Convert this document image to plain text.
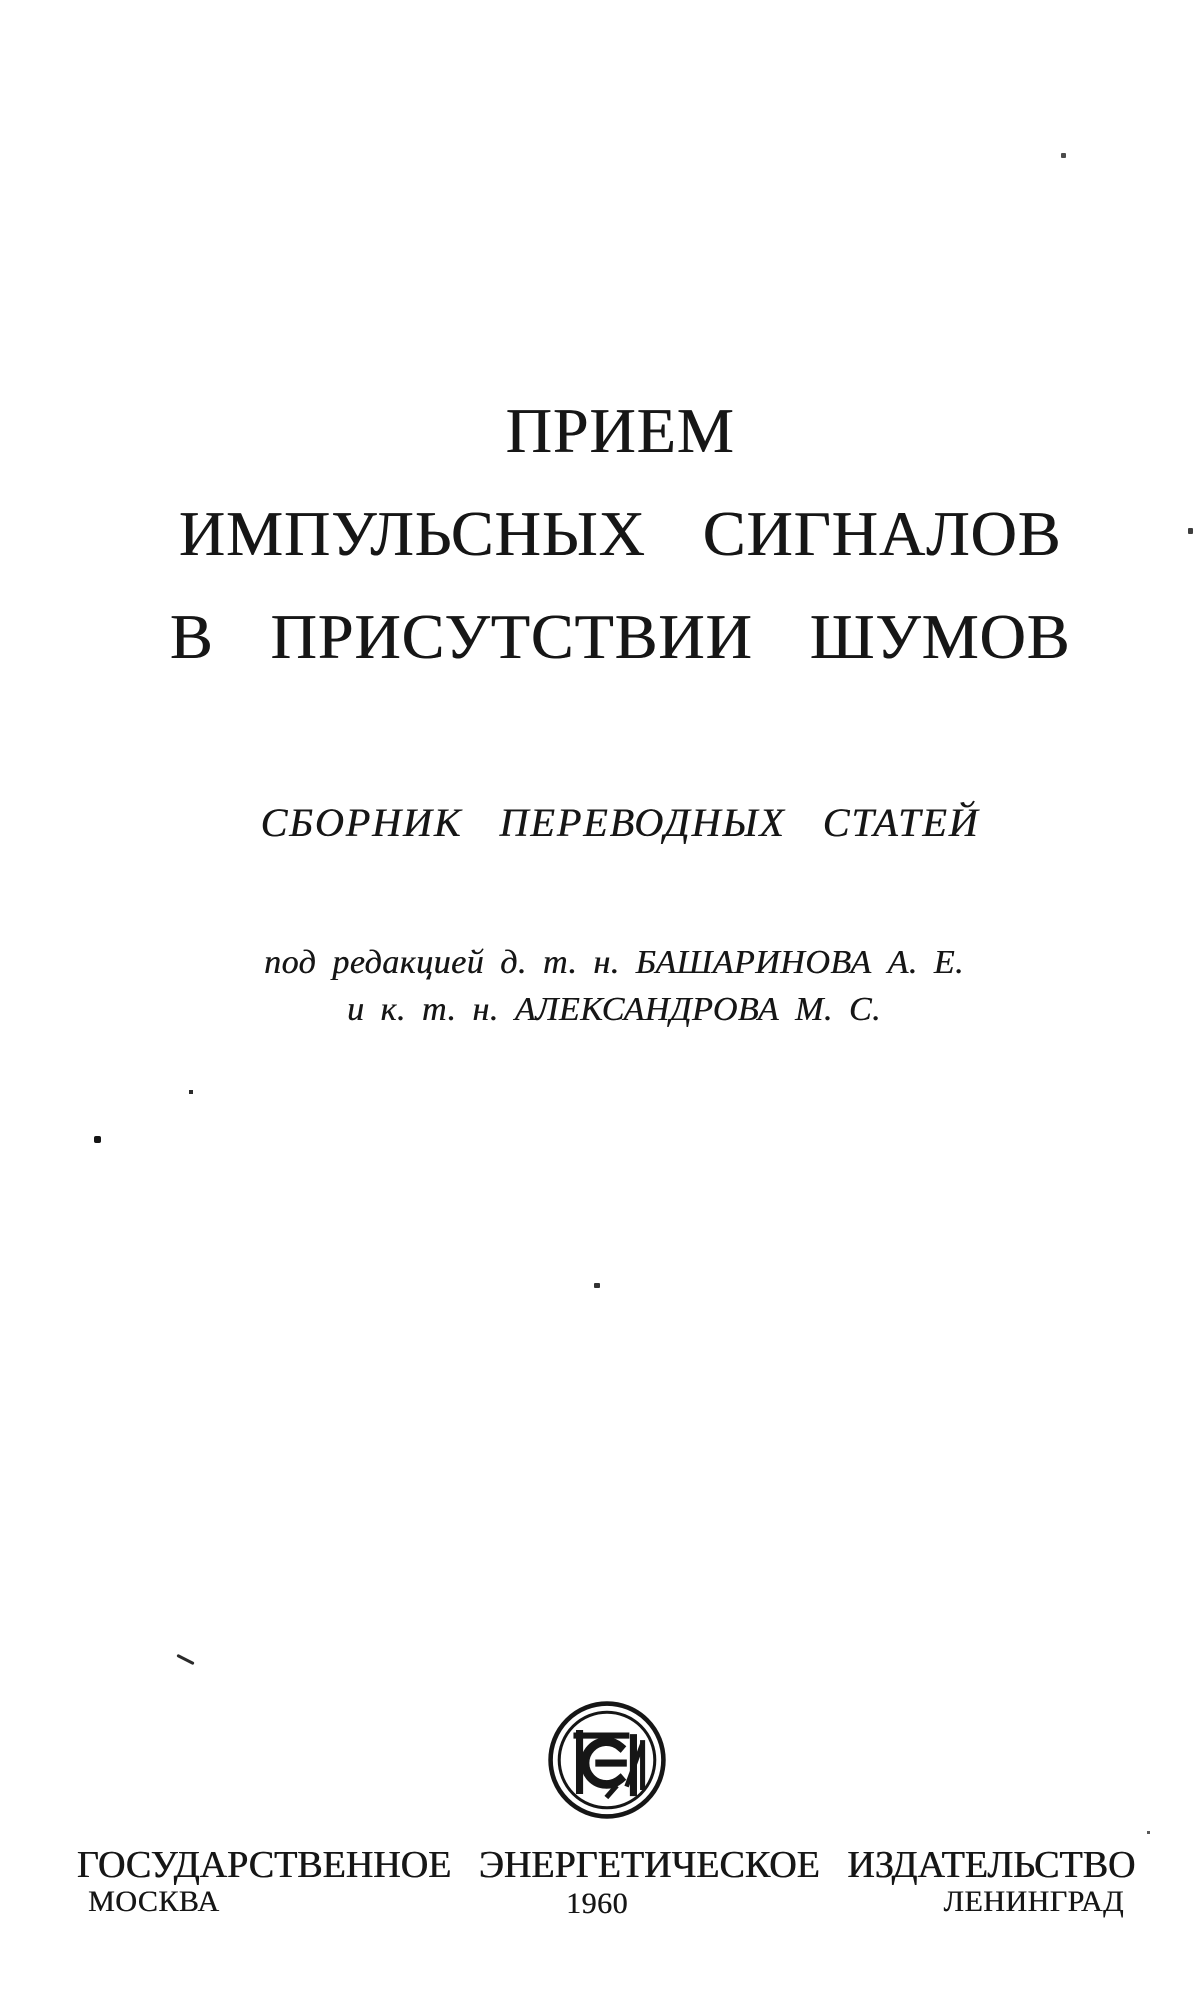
ПРИЕМ
ИМПУЛЬСНЫХ СИГНАЛОВ
В ПРИСУТСТВИИ ШУМОВ
СБОРНИК ПЕРЕВОДНЫХ СТАТЕЙ
под редакцией д. т. н. БАШАРИНОВА А. Е.
и к. т. н. АЛЕКСАНДРОВА М. С.
ГОСУДАРСТВЕННОЕ ЭНЕРГЕТИЧЕСКОЕ ИЗДАТЕЛЬСТВО
МОСКВА	1960	ЛЕНИНГРАД
